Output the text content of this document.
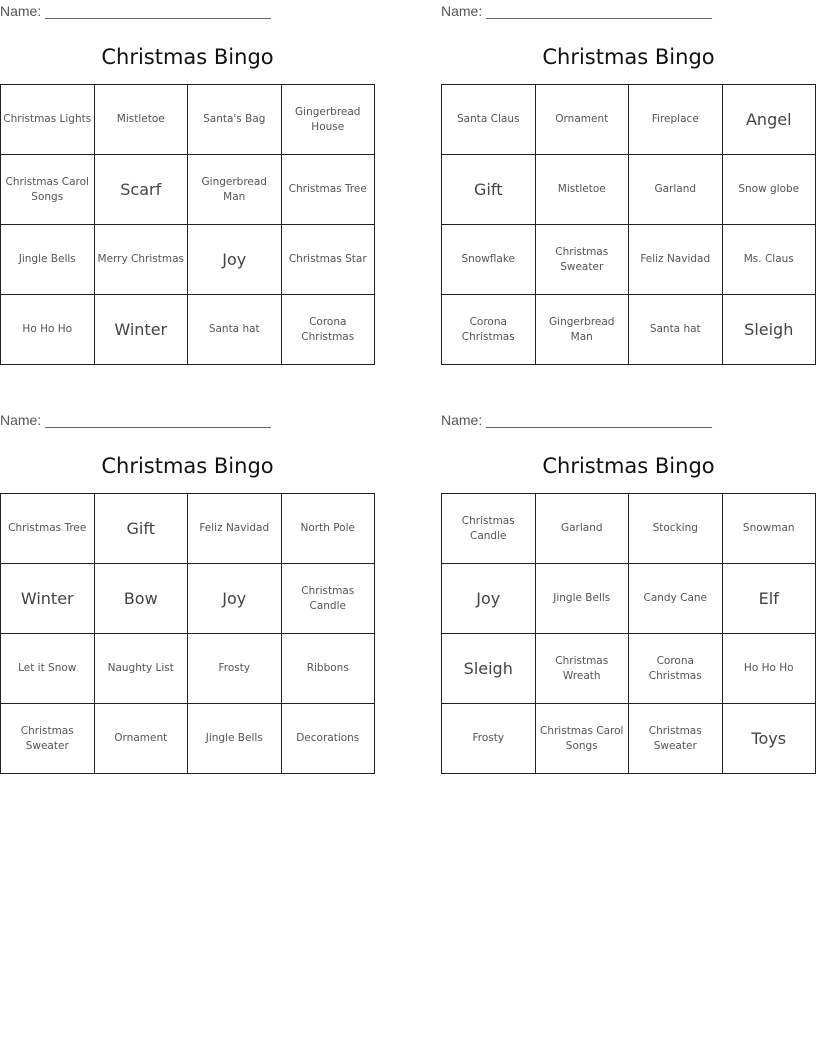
Name: _____________________________
Christmas Bingo
Christmas Lights	Mistletoe	Santa's Bag	Gingerbread House
Christmas Carol Songs	Scarf	Gingerbread Man	Christmas Tree
Jingle Bells	Merry Christmas	Joy	Christmas Star
Ho Ho Ho	Winter	Santa hat	Corona Christmas
Name: _____________________________
Christmas Bingo
Santa Claus	Ornament	Fireplace	Angel
Gift	Mistletoe	Garland	Snow globe
Snowflake	Christmas Sweater	Feliz Navidad	Ms. Claus
Corona Christmas	Gingerbread Man	Santa hat	Sleigh
Name: _____________________________
Christmas Bingo
Christmas Tree	Gift	Feliz Navidad	North Pole
Winter	Bow	Joy	Christmas Candle
Let it Snow	Naughty List	Frosty	Ribbons
Christmas Sweater	Ornament	Jingle Bells	Decorations
Name: _____________________________
Christmas Bingo
Christmas Candle	Garland	Stocking	Snowman
Joy	Jingle Bells	Candy Cane	Elf
Sleigh	Christmas Wreath	Corona Christmas	Ho Ho Ho
Frosty	Christmas Carol Songs	Christmas Sweater	Toys
